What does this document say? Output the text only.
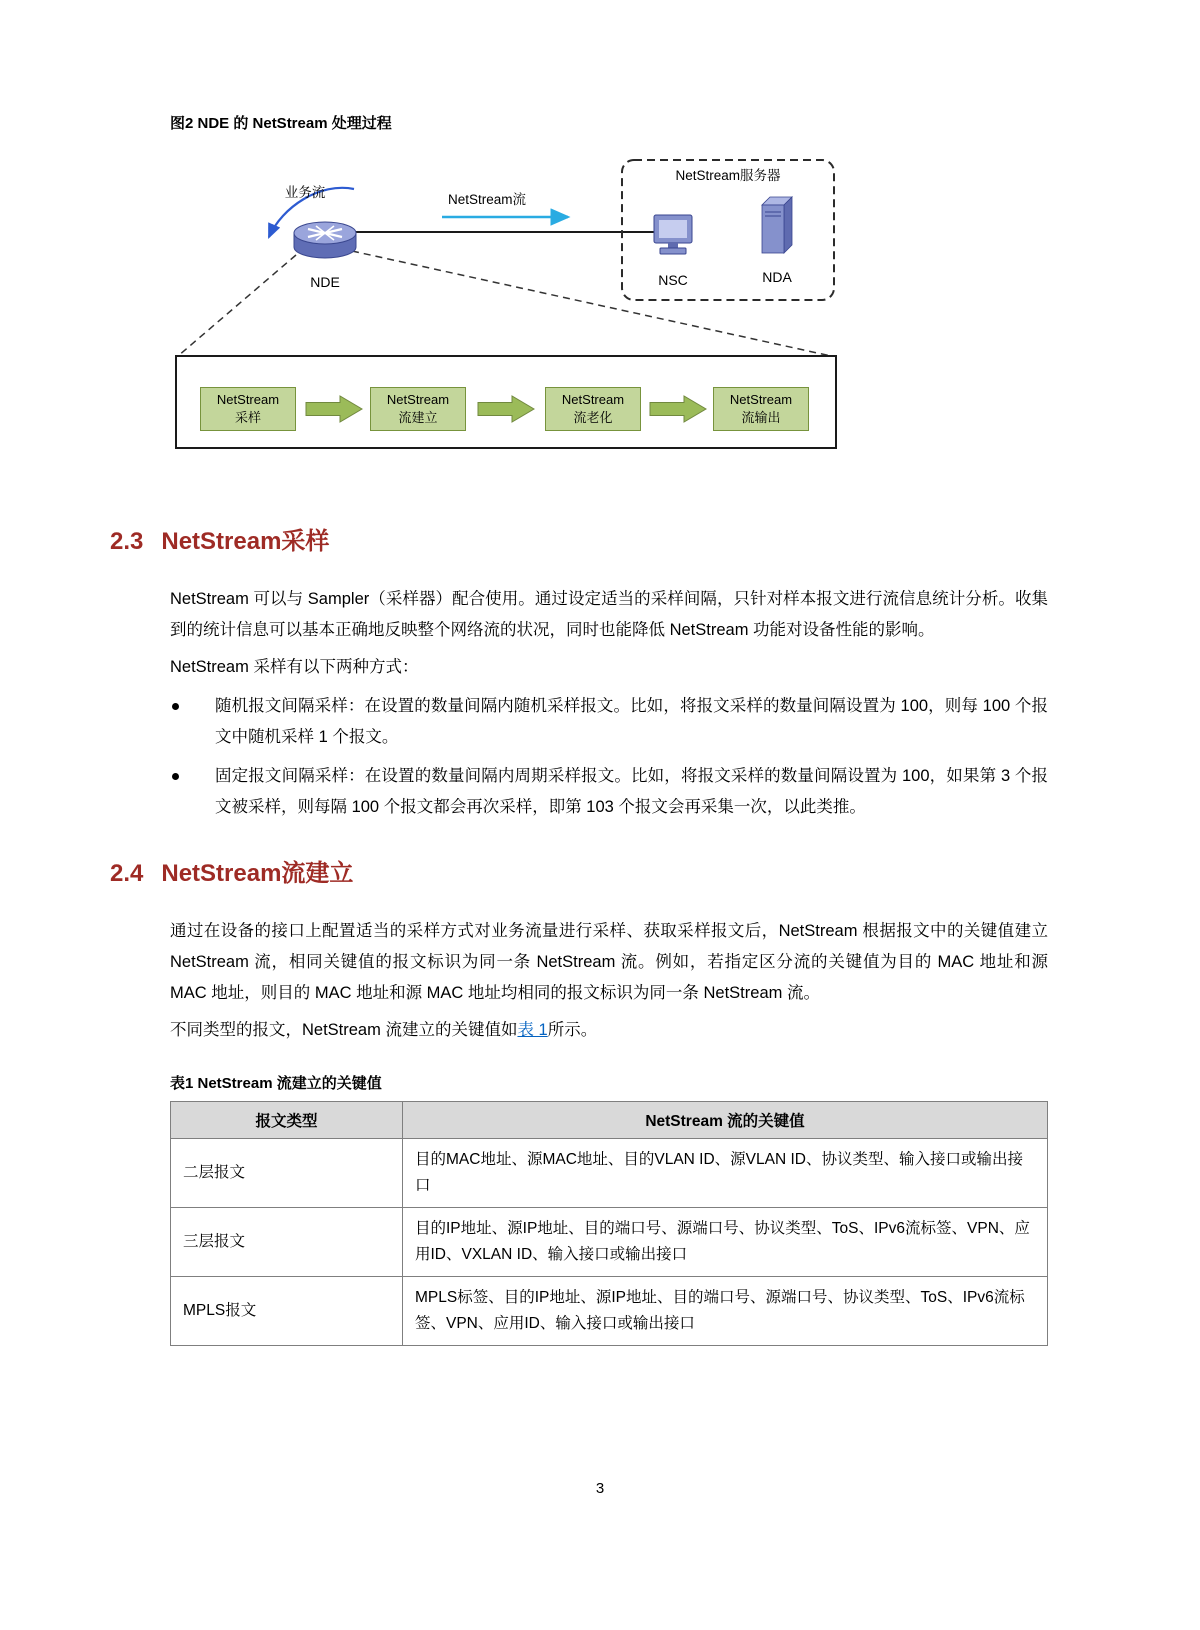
图2 NDE 的 NetStream 处理过程
业务流	NetStream流
NetStream服务器
NSC	NDA
NDE
NetStream
采样
NetStream
流建立
NetStream
流老化
NetStream
流输出
2.3 NetStream采样

NetStream 可以与 Sampler（采样器）配合使用。通过设定适当的采样间隔，只针对样本报文进行流信息统计分析。收集到的统计信息可以基本正确地反映整个网络流的状况，同时也能降低 NetStream 功能对设备性能的影响。

NetStream 采样有以下两种方式：

随机报文间隔采样：在设置的数量间隔内随机采样报文。比如，将报文采样的数量间隔设置为 100，则每 100 个报文中随机采样 1 个报文。

固定报文间隔采样：在设置的数量间隔内周期采样报文。比如，将报文采样的数量间隔设置为 100，如果第 3 个报文被采样，则每隔 100 个报文都会再次采样，即第 103 个报文会再采集一次，以此类推。

2.4 NetStream流建立

通过在设备的接口上配置适当的采样方式对业务流量进行采样、获取采样报文后，NetStream 根据报文中的关键值建立 NetStream 流，相同关键值的报文标识为同一条 NetStream 流。例如，若指定区分流的关键值为目的 MAC 地址和源 MAC 地址，则目的 MAC 地址和源 MAC 地址均相同的报文标识为同一条 NetStream 流。

不同类型的报文，NetStream 流建立的关键值如表 1所示。

表1 NetStream 流建立的关键值
报文类型	NetStream 流的关键值
二层报文	目的MAC地址、源MAC地址、目的VLAN ID、源VLAN ID、协议类型、输入接口或输出接口
三层报文	目的IP地址、源IP地址、目的端口号、源端口号、协议类型、ToS、IPv6流标签、VPN、应用ID、VXLAN ID、输入接口或输出接口
MPLS报文	MPLS标签、目的IP地址、源IP地址、目的端口号、源端口号、协议类型、ToS、IPv6流标签、VPN、应用ID、输入接口或输出接口
3
